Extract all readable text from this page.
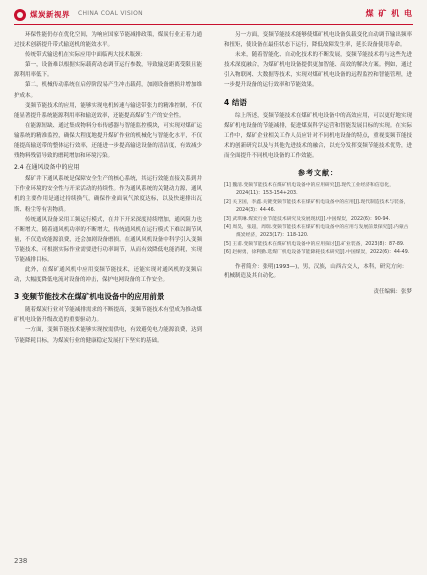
煤炭新视界 CHINA COAL VISION	煤 矿 机 电

环保性能仍存在优化空间，为响应国家节能减排政策，煤炭行业正着力通过技术创新提升带式输送机的能效水平。

传统带式输送机在实际应用中面临两大技术瓶颈：

第一，设备难以根据实际载荷动态调节运行参数，导致输送距离受限且能源利用率低下。

第二，机械传动系统在启停阶段易产生冲击载荷，加剧设备磨损并增加维护成本。

变频节能技术的应用，能够实现电机转速与输送带张力的精准控制，不仅能显著提升系统能源利用率和输送效率，还能提高煤矿生产的安全性。

在能源短缺、通过集成物料分布传感器与智能监控模块，可实现对煤矿运输系统的精准监控，确保大程度地提升煤矿作业的机械化与智能化水平，不仅能提高输送带的整体运行效率，还能进一步提高输送设备的清洁度，有效减少残物料残留导致的磨耗增加和环境污染。

2.4 在通风设备中的应用

煤矿井下通风系统是保障安全生产的核心系统，其运行效能直接关系到井下作业环境的安全性与开采活动的持续性。作为通风系统的关键动力源，通风机的主要作用是通过持续换气，确保作业面氧气浓度达标，以及快速排出瓦斯、粉尘等有害物质。

传统通风设备采用工频运行模式，在井下开采深度持续增加，通风阻力也不断增大，随着通风机功率的不断增大，传统通风机在运行模式下难以调节风量，不仅造成能源浪费，还会加剧设备磨损。在通风风机设备中科学引入变频节能技术，可根据实际作业需要进行功率调节，从而有效降低电能消耗，实现节能减排目标。

此外，在煤矿通风机中应用变频节能技术，还能实现对通风机的变频启动，大幅度降低电流对设备的冲击，保护电网设备的工作安全。

3 变频节能技术在煤矿机电设备中的应用前景

随着煤炭行业对节能减排需求的不断提高，变频节能技术有望成为推动煤矿机电设备升级改造的重要驱动力。

一方面，变频节能技术能够实现按需供电，有效避免电力能源浪费，达到节能降耗目标，为煤炭行业的健康稳定发展打下坚实的基础。

另一方面，变频节能技术能够使煤矿机电设备负载变化自动调节输出频率和扭矩，使设备在最佳状态下运行，降低故障发生率，延长设备使用寿命。

未来，随着智能化、自动化技术的不断发展，变频节能技术将与这些先进技术深度融合，为煤矿机电设备提供更加智能、高效的解决方案。例如，通过引入物联网、大数据等技术，实现对煤矿机电设备的远程监控和智能管理，进一步提升设备的运行效率和节能效果。

4 结语

综上所述，变频节能技术在煤矿机电设备中的高效应用，可以更好地实现煤矿机电设备的节能减排，促进煤炭科学运营和智能发展目标的实现。在实际工作中，煤矿企业相关工作人员应针对不同机电设备的特点，重视变频节能技术的创新研究以及与其他先进技术的融合，以充分发挥变频节能技术优势，进而全面提升不同机电设备的工作效能。

参考文献：
[1] 魏清.变频节能技术在煤矿机电设备中的应用研究[J].现代工业经济和信息化，2024(11)：153-154+203.
[2] 关卫国，李鑫.关键变频节能技术在煤矿机电设备中的应用[J].现代制造技术与装备，2024(3)：44-46.
[3] 武琪琳.煤炭行业节能技术研究及发展现状[J].中国煤炭，2022(6)：90-94.
[4] 周昊，张超，周瑞.变频节能技术在煤矿机电设备中的应用与发展前景探究[J].内蒙古煤炭经济，2023(17)：118-120.
[5] 王甫.变频节能技术在煤矿机电设备中的应用探讨[J].矿业装备，2023(8)：87-89.
[6] 赵树勇，徐利勤.选煤厂机电设备节能降耗技术研究[J].中国煤炭，2022(6)：44-49.

作者简介：张明(1993—)，男，汉族，山西古交人，本科，研究方向：机械制造及其自动化。

责任编辑：张梦
238
